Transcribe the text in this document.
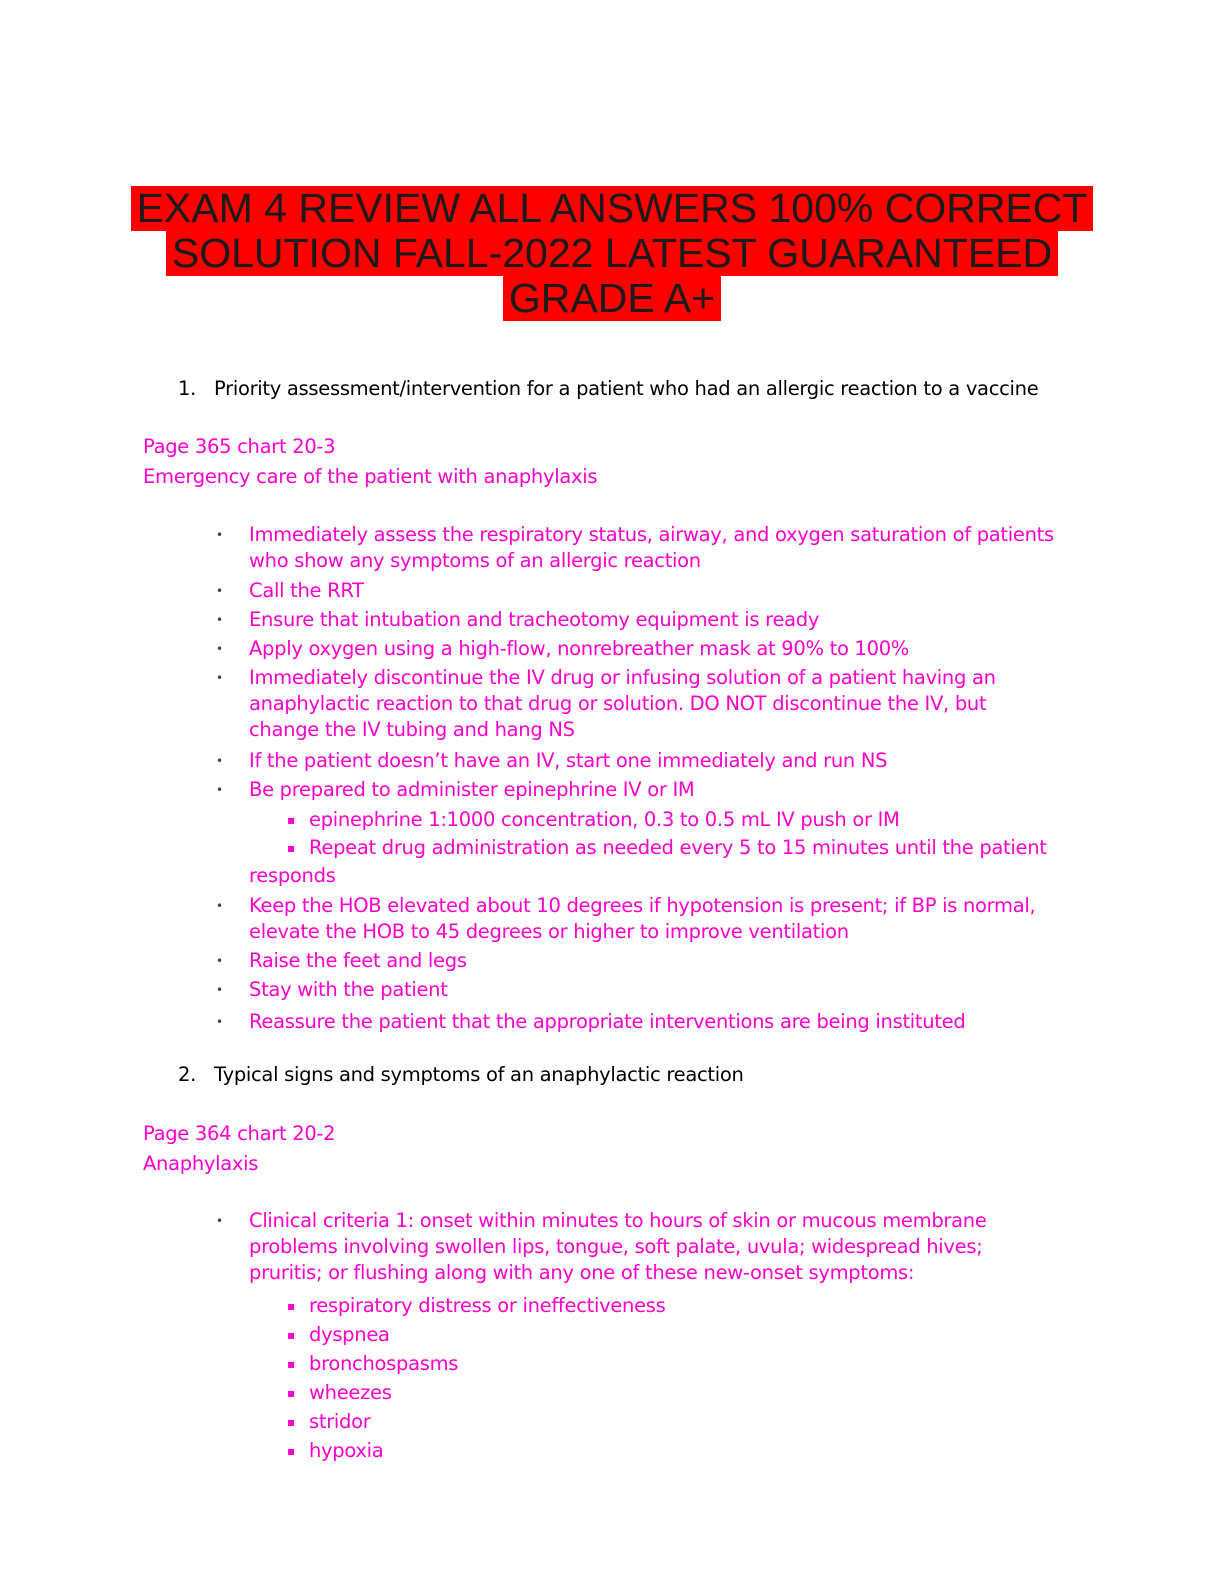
EXAM 4 REVIEW ALL ANSWERS 100% CORRECT
SOLUTION FALL-2022 LATEST GUARANTEED
GRADE A+
1. Priority assessment/intervention for a patient who had an allergic reaction to a vaccine
Page 365 chart 20-3
Emergency care of the patient with anaphylaxis
• Immediately assess the respiratory status, airway, and oxygen saturation of patients who show any symptoms of an allergic reaction
• Call the RRT
• Ensure that intubation and tracheotomy equipment is ready
• Apply oxygen using a high-flow, nonrebreather mask at 90% to 100%
• Immediately discontinue the IV drug or infusing solution of a patient having an anaphylactic reaction to that drug or solution. DO NOT discontinue the IV, but change the IV tubing and hang NS
• If the patient doesn’t have an IV, start one immediately and run NS
• Be prepared to administer epinephrine IV or IM
▪ epinephrine 1:1000 concentration, 0.3 to 0.5 mL IV push or IM
▪ Repeat drug administration as needed every 5 to 15 minutes until the patient
responds
• Keep the HOB elevated about 10 degrees if hypotension is present; if BP is normal, elevate the HOB to 45 degrees or higher to improve ventilation
• Raise the feet and legs
• Stay with the patient
• Reassure the patient that the appropriate interventions are being instituted
2. Typical signs and symptoms of an anaphylactic reaction
Page 364 chart 20-2
Anaphylaxis
• Clinical criteria 1: onset within minutes to hours of skin or mucous membrane problems involving swollen lips, tongue, soft palate, uvula; widespread hives; pruritis; or flushing along with any one of these new-onset symptoms:
▪ respiratory distress or ineffectiveness
▪ dyspnea
▪ bronchospasms
▪ wheezes
▪ stridor
▪ hypoxia
